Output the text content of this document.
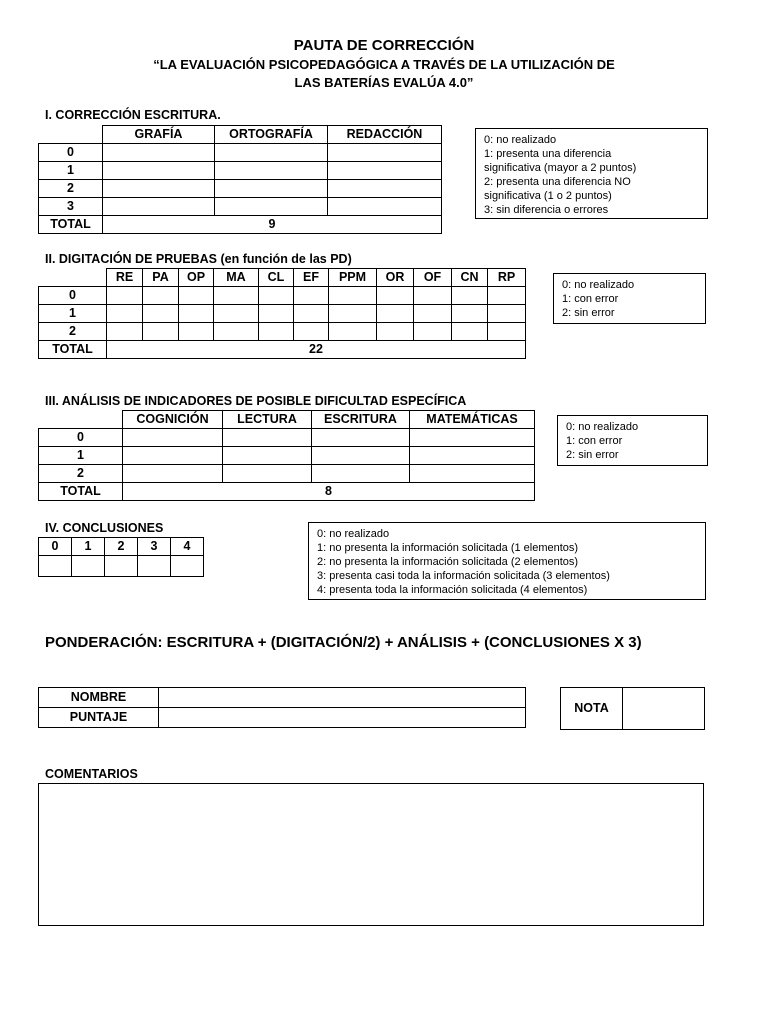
PAUTA DE CORRECCIÓN
“LA EVALUACIÓN PSICOPEDAGÓGICA A TRAVÉS DE LA UTILIZACIÓN DE
LAS BATERÍAS EVALÚA 4.0”
I. CORRECCIÓN ESCRITURA.
	GRAFÍA	ORTOGRAFÍA	REDACCIÓN
0			
1			
2			
3			
TOTAL	9		
0: no realizado
1: presenta una diferencia
significativa (mayor a 2 puntos)
2: presenta una diferencia NO
significativa (1 o 2 puntos)
3: sin diferencia o errores
II. DIGITACIÓN DE PRUEBAS (en función de las PD)
	RE	PA	OP	MA	CL	EF	PPM	OR	OF	CN	RP
0											
1											
2											
TOTAL	22										
0: no realizado
1: con error
2: sin error
III. ANÁLISIS DE INDICADORES DE POSIBLE DIFICULTAD ESPECÍFICA
	COGNICIÓN	LECTURA	ESCRITURA	MATEMÁTICAS
0				
1				
2				
TOTAL	8			
0: no realizado
1: con error
2: sin error
IV. CONCLUSIONES
0	1	2	3	4

0: no realizado
1: no presenta la información solicitada (1 elementos)
2: no presenta la información solicitada (2 elementos)
3: presenta casi toda la información solicitada (3 elementos)
4: presenta toda la información solicitada (4 elementos)
PONDERACIÓN: ESCRITURA + (DIGITACIÓN/2) + ANÁLISIS + (CONCLUSIONES X 3)
NOMBRE	
PUNTAJE	
NOTA	
COMENTARIOS
